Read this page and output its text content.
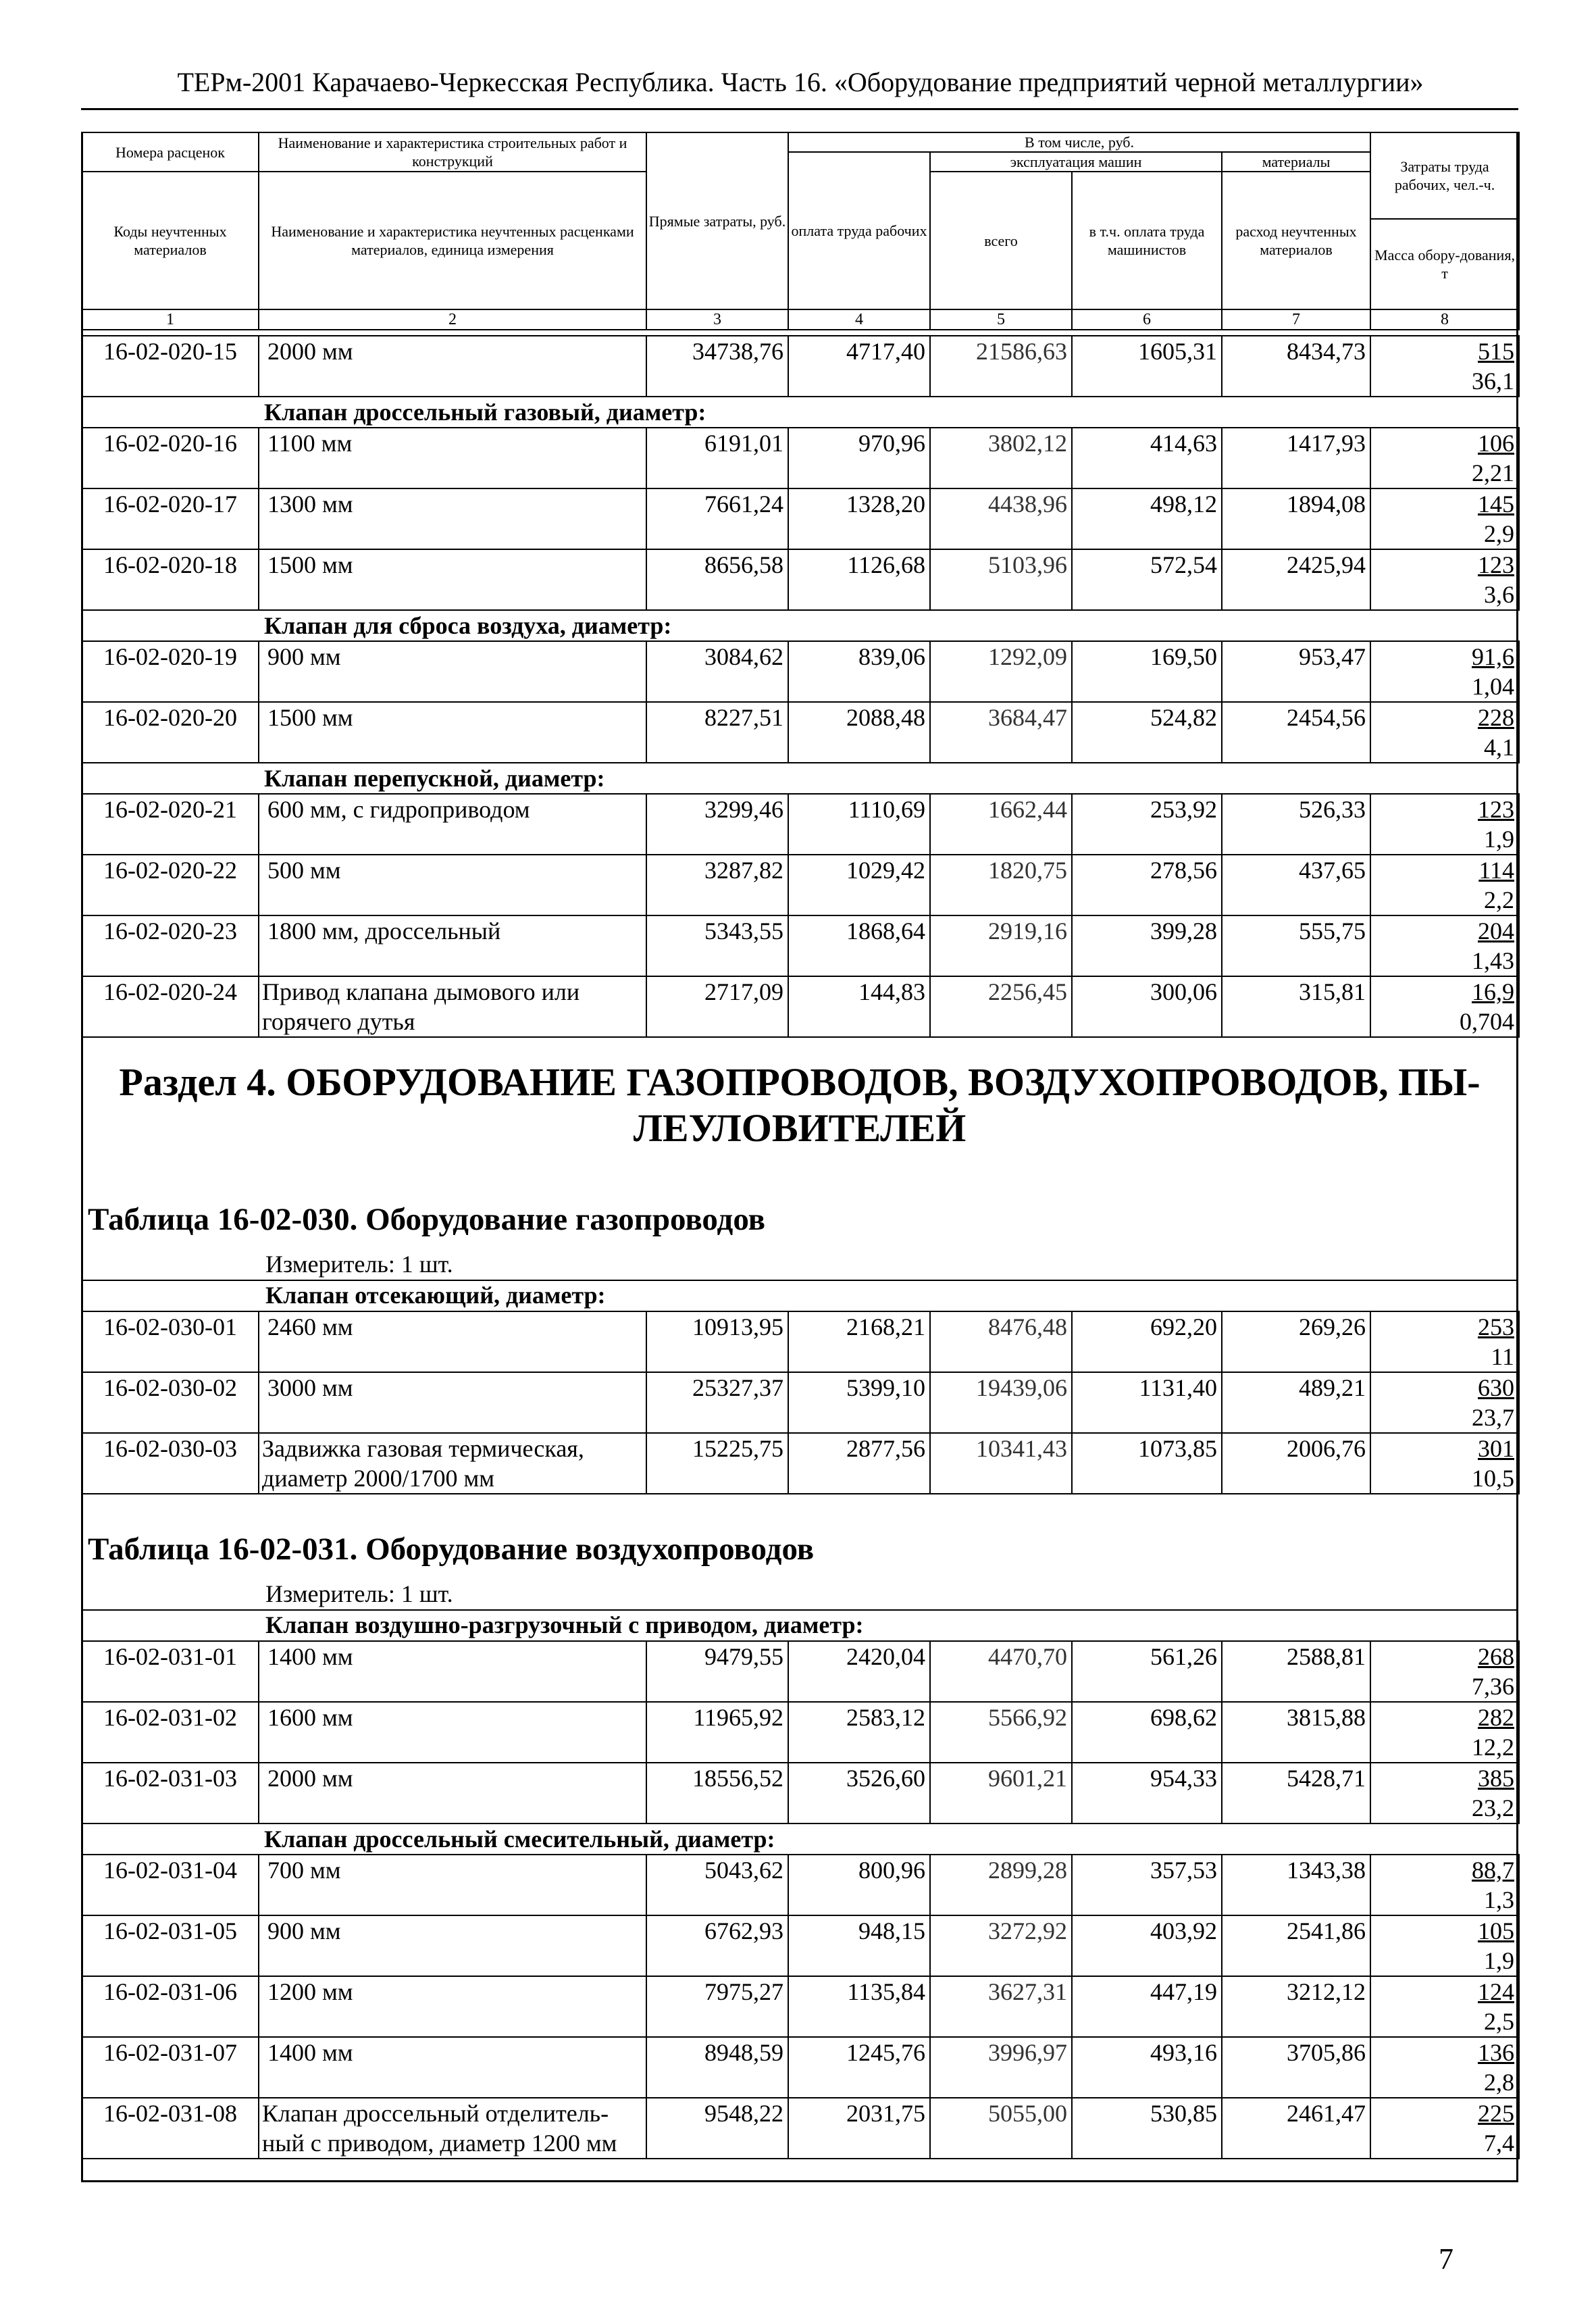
ТЕРм-2001 Карачаево-Черкесская Республика. Часть 16. «Оборудование предприятий черной металлургии»
Номера расценок	Наименование и характеристика строительных работ и конструкций	Прямые затраты, руб.	В том числе, руб.				Затраты труда рабочих, чел.-ч.
			оплата труда рабочих	эксплуатация машин		материалы	
Коды неучтенных материалов	Наименование и характеристика неучтенных расценками материалов, единица измерения			всего	в т.ч. оплата труда машинистов	расход неучтенных материалов	
							Масса обору-дования, т
1	2	3	4	5	6	7	8
16-02-020-15	2000 мм	34738,76	4717,40	21586,63	1605,31	8434,73	515
36,1
Клапан дроссельный газовый, диаметр:							
16-02-020-16	1100 мм	6191,01	970,96	3802,12	414,63	1417,93	106
2,21
16-02-020-17	1300 мм	7661,24	1328,20	4438,96	498,12	1894,08	145
2,9
16-02-020-18	1500 мм	8656,58	1126,68	5103,96	572,54	2425,94	123
3,6
Клапан для сброса воздуха, диаметр:							
16-02-020-19	900 мм	3084,62	839,06	1292,09	169,50	953,47	91,6
1,04
16-02-020-20	1500 мм	8227,51	2088,48	3684,47	524,82	2454,56	228
4,1
Клапан перепускной, диаметр:							
16-02-020-21	600 мм, с гидроприводом	3299,46	1110,69	1662,44	253,92	526,33	123
1,9
16-02-020-22	500 мм	3287,82	1029,42	1820,75	278,56	437,65	114
2,2
16-02-020-23	1800 мм, дроссельный	5343,55	1868,64	2919,16	399,28	555,75	204
1,43
16-02-020-24	Привод клапана дымового или горячего дутья	2717,09	144,83	2256,45	300,06	315,81	16,9
0,704
Раздел 4. ОБОРУДОВАНИЕ ГАЗОПРОВОДОВ, ВОЗДУХОПРОВОДОВ, ПЫ-
ЛЕУЛОВИТЕЛЕЙ
Таблица 16-02-030. Оборудование газопроводов
Измеритель: 1 шт.
Клапан отсекающий, диаметр:
16-02-030-01	2460 мм	10913,95	2168,21	8476,48	692,20	269,26	253
11
16-02-030-02	3000 мм	25327,37	5399,10	19439,06	1131,40	489,21	630
23,7
16-02-030-03	Задвижка газовая термическая, диаметр 2000/1700 мм	15225,75	2877,56	10341,43	1073,85	2006,76	301
10,5
Таблица 16-02-031. Оборудование воздухопроводов
Измеритель: 1 шт.
Клапан воздушно-разгрузочный с приводом, диаметр:
16-02-031-01	1400 мм	9479,55	2420,04	4470,70	561,26	2588,81	268
7,36
16-02-031-02	1600 мм	11965,92	2583,12	5566,92	698,62	3815,88	282
12,2
16-02-031-03	2000 мм	18556,52	3526,60	9601,21	954,33	5428,71	385
23,2
Клапан дроссельный смесительный, диаметр:							
16-02-031-04	700 мм	5043,62	800,96	2899,28	357,53	1343,38	88,7
1,3
16-02-031-05	900 мм	6762,93	948,15	3272,92	403,92	2541,86	105
1,9
16-02-031-06	1200 мм	7975,27	1135,84	3627,31	447,19	3212,12	124
2,5
16-02-031-07	1400 мм	8948,59	1245,76	3996,97	493,16	3705,86	136
2,8
16-02-031-08	Клапан дроссельный отделитель-ный с приводом, диаметр 1200 мм	9548,22	2031,75	5055,00	530,85	2461,47	225
7,4
7
